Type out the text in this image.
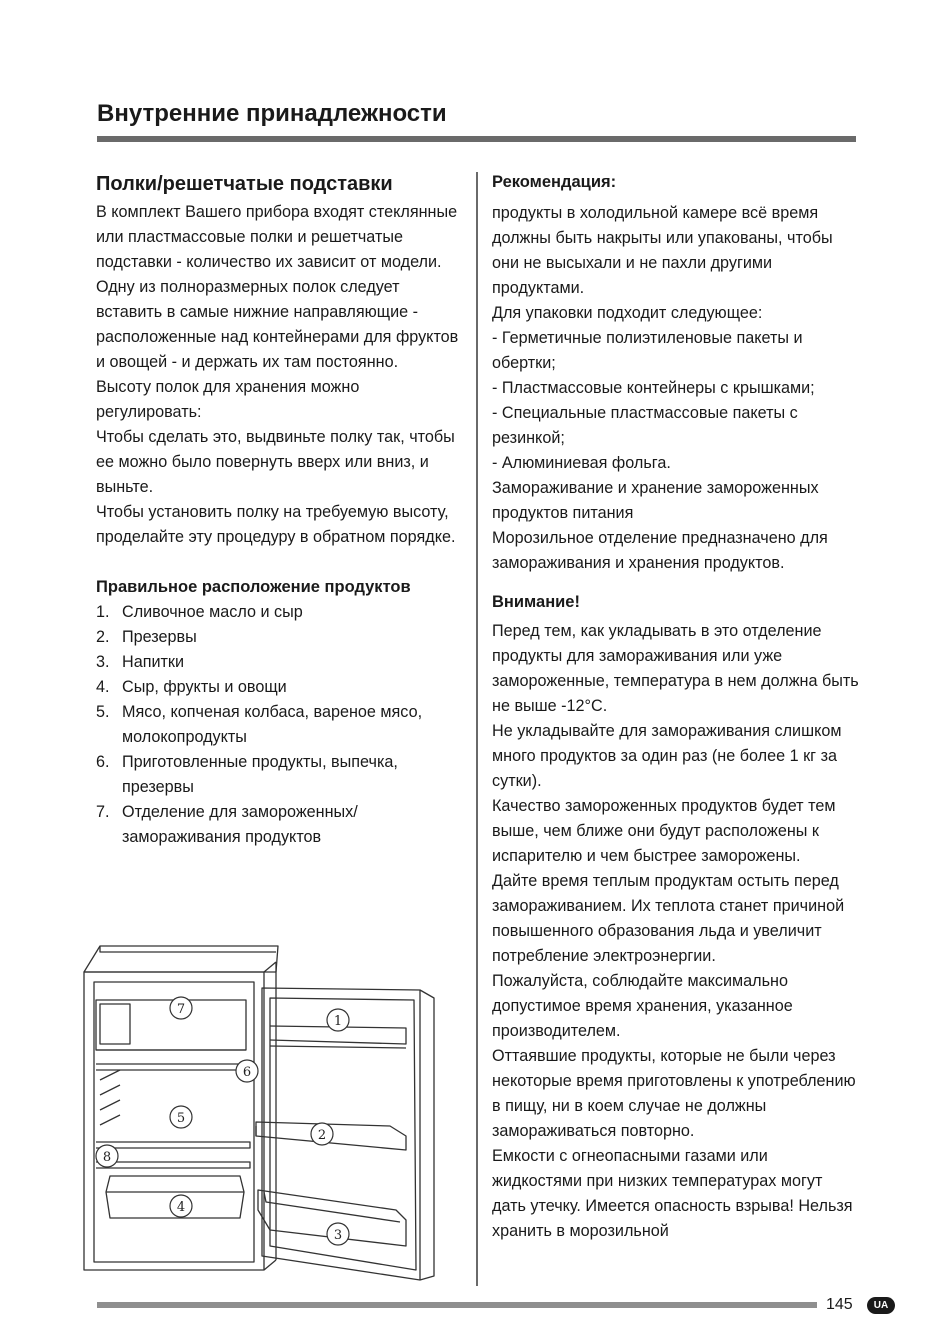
Внутренние принадлежности
Полки/решетчатые подставки

В комплект Вашего прибора входят стеклянные или пластмассовые полки и решетчатые подставки - количество их зависит от модели.

Одну из полноразмерных полок следует вставить в самые нижние направляющие - расположенные над контейнерами для фруктов и овощей - и держать их там постоянно.

Высоту полок для хранения можно регулировать:

Чтобы сделать это, выдвиньте полку так, чтобы ее можно было повернуть вверх или вниз, и выньте.

Чтобы установить полку на требуемую высоту, проделайте эту процедуру в обратном порядке.

Правильное расположение продуктов
1. Сливочное масло и сыр
2. Презервы
3. Напитки
4. Сыр, фрукты и овощи
5. Мясо, копченая колбаса, вареное мясо, молокопродукты
6. Приготовленные продукты, выпечка, презервы
7. Отделение для замороженных/ замораживания продуктов
Рекомендация:

продукты в холодильной камере всё время должны быть накрыты или упакованы, чтобы они не высыхали и не пахли другими продуктами.

Для упаковки подходит следующее:

- Герметичные полиэтиленовые пакеты и обертки;

- Пластмассовые контейнеры с крышками;

- Специальные пластмассовые пакеты с резинкой;

- Алюминиевая фольга.

Замораживание и хранение замороженных продуктов питания

Морозильное отделение предназначено для замораживания и хранения продуктов.

Внимание!

Перед тем, как укладывать в это отделение продукты для замораживания или уже замороженные, температура в нем должна быть не выше -12°C.

Не укладывайте для замораживания слишком много продуктов за один раз (не более 1 кг за сутки).

Качество замороженных продуктов будет тем выше, чем ближе они будут расположены к испарителю и чем быстрее заморожены.

Дайте время теплым продуктам остыть перед замораживанием. Их теплота станет причиной повышенного образования льда и увеличит потребление электроэнергии.

Пожалуйста, соблюдайте максимально допустимое время хранения, указанное производителем.

Оттаявшие продукты, которые не были через некоторые время приготовлены к употреблению в пищу, ни в коем случае не должны замораживаться повторно.

Емкости с огнеопасными газами или жидкостями при низких температурах могут дать утечку. Имеется опасность взрыва! Нельзя хранить в морозильной

1
2
3
4
5
6
7
8
145	UA
